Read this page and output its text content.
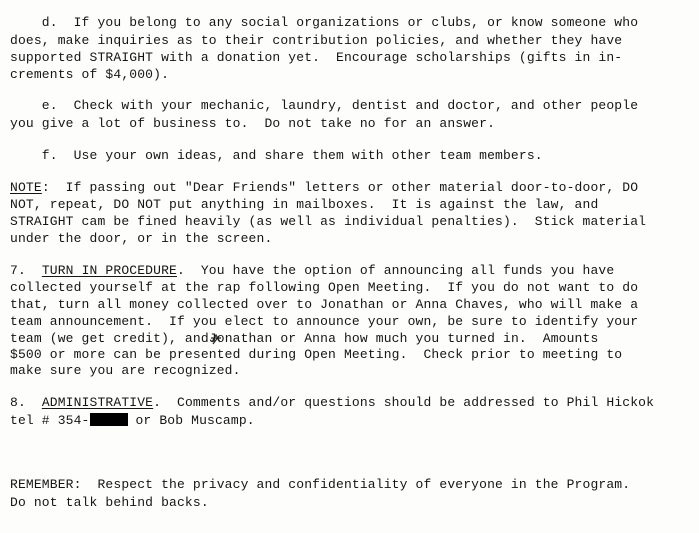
d.  If you belong to any social organizations or clubs, or know someone who
does, make inquiries as to their contribution policies, and whether they have
supported STRAIGHT with a donation yet.  Encourage scholarships (gifts in in-
crements of $4,000).
e.  Check with your mechanic, laundry, dentist and doctor, and other people
you give a lot of business to.  Do not take no for an answer.
f.  Use your own ideas, and share them with other team members.
NOTE:  If passing out "Dear Friends" letters or other material door-to-door, DO
NOT, repeat, DO NOT put anything in mailboxes.  It is against the law, and
STRAIGHT cam be fined heavily (as well as individual penalties).  Stick material
under the door, or in the screen.
7.  TURN IN PROCEDURE.  You have the option of announcing all funds you have
collected yourself at the rap following Open Meeting.  If you do not want to do
that, turn all money collected over to Jonathan or Anna Chaves, who will make a
team announcement.  If you elect to announce your own, be sure to identify your
team (we get credit), and
Jonathan or Anna how much you turned in.  Amounts
$500 or more can be presented during Open Meeting.  Check prior to meeting to
make sure you are recognized.
8.  ADMINISTRATIVE.  Comments and/or questions should be addressed to Phil Hickok
tel # 354-	or Bob Muscamp.
REMEMBER:  Respect the privacy and confidentiality of everyone in the Program.
Do not talk behind backs.
